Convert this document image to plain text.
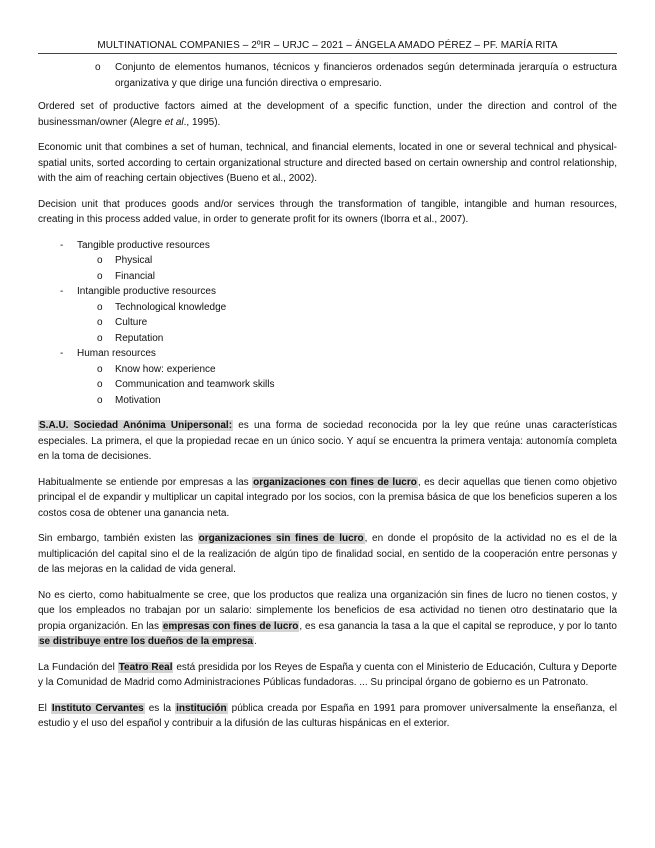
MULTINATIONAL COMPANIES – 2ºIR – URJC – 2021 – ÁNGELA AMADO PÉREZ – PF. MARÍA RITA
o Conjunto de elementos humanos, técnicos y financieros ordenados según determinada jerarquía o estructura organizativa y que dirige una función directiva o empresario.

Ordered set of productive factors aimed at the development of a specific function, under the direction and control of the businessman/owner (Alegre et al., 1995).

Economic unit that combines a set of human, technical, and financial elements, located in one or several technical and physical-spatial units, sorted according to certain organizational structure and directed based on certain ownership and control relationship, with the aim of reaching certain objectives (Bueno et al., 2002).

Decision unit that produces goods and/or services through the transformation of tangible, intangible and human resources, creating in this process added value, in order to generate profit for its owners (Iborra et al., 2007).

- Tangible productive resources
o Physical
o Financial
- Intangible productive resources
o Technological knowledge
o Culture
o Reputation
- Human resources
o Know how: experience
o Communication and teamwork skills
o Motivation

S.A.U. Sociedad Anónima Unipersonal: es una forma de sociedad reconocida por la ley que reúne unas características especiales. La primera, el que la propiedad recae en un único socio. Y aquí se encuentra la primera ventaja: autonomía completa en la toma de decisiones.

Habitualmente se entiende por empresas a las organizaciones con fines de lucro, es decir aquellas que tienen como objetivo principal el de expandir y multiplicar un capital integrado por los socios, con la premisa básica de que los beneficios superen a los costos cosa de obtener una ganancia neta.

Sin embargo, también existen las organizaciones sin fines de lucro, en donde el propósito de la actividad no es el de la multiplicación del capital sino el de la realización de algún tipo de finalidad social, en sentido de la cooperación entre personas y de las mejoras en la calidad de vida general.

No es cierto, como habitualmente se cree, que los productos que realiza una organización sin fines de lucro no tienen costos, y que los empleados no trabajan por un salario: simplemente los beneficios de esa actividad no tienen otro destinatario que la propia organización. En las empresas con fines de lucro, es esa ganancia la tasa a la que el capital se reproduce, y por lo tanto se distribuye entre los dueños de la empresa.

La Fundación del Teatro Real está presidida por los Reyes de España y cuenta con el Ministerio de Educación, Cultura y Deporte y la Comunidad de Madrid como Administraciones Públicas fundadoras. ... Su principal órgano de gobierno es un Patronato.

El Instituto Cervantes es la institución pública creada por España en 1991 para promover universalmente la enseñanza, el estudio y el uso del español y contribuir a la difusión de las culturas hispánicas en el exterior.
